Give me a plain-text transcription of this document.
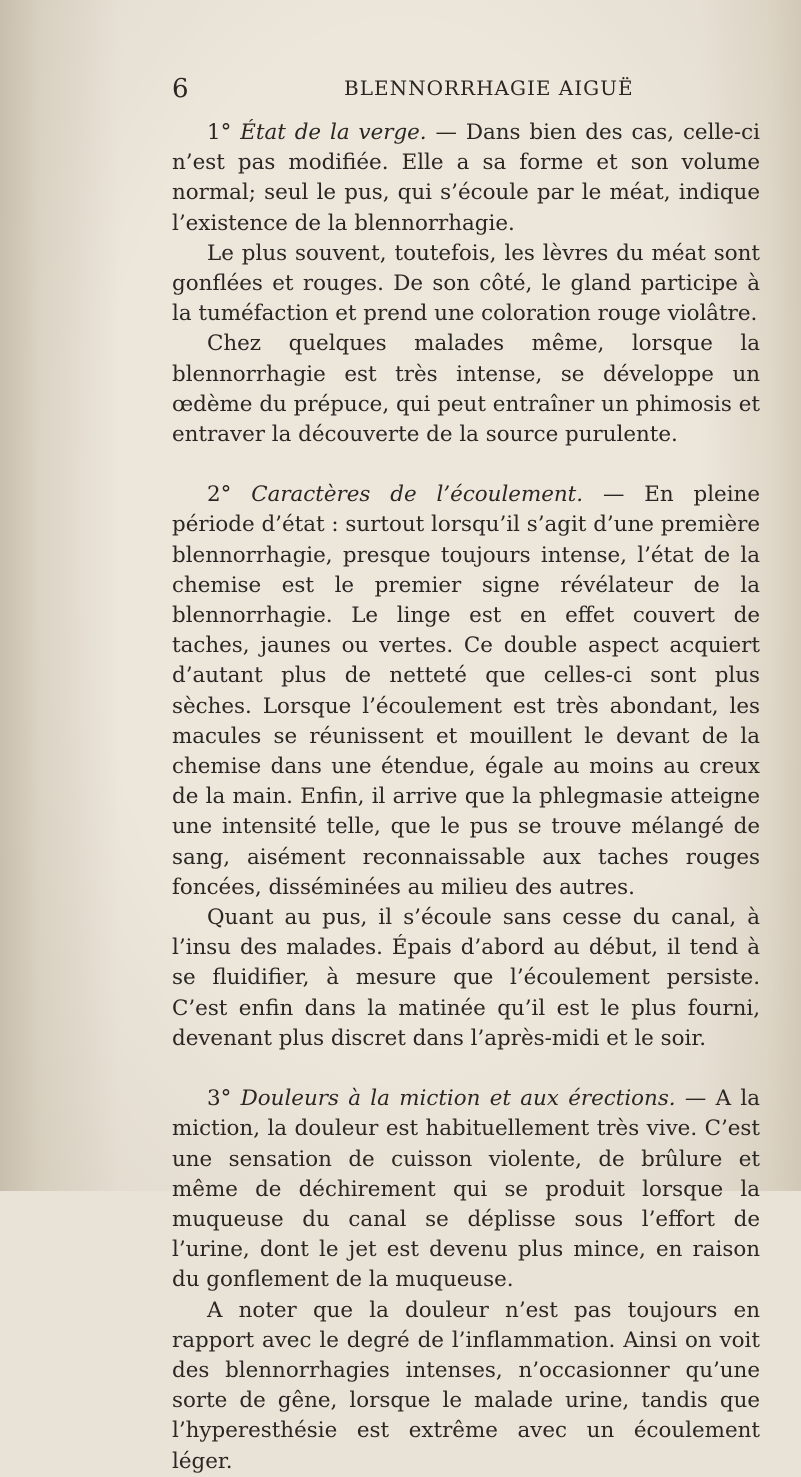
6	BLENNORRHAGIE AIGUË

1° État de la verge. — Dans bien des cas, celle-ci n’est pas modifiée. Elle a sa forme et son volume normal; seul le pus, qui s’écoule par le méat, indique l’existence de la blennorrhagie.

Le plus souvent, toutefois, les lèvres du méat sont gonflées et rouges. De son côté, le gland participe à la tuméfaction et prend une coloration rouge violâtre.

Chez quelques malades même, lorsque la blennorrhagie est très intense, se développe un œdème du prépuce, qui peut entraîner un phimosis et entraver la découverte de la source purulente.

2° Caractères de l’écoulement. — En pleine période d’état : surtout lorsqu’il s’agit d’une première blennorrhagie, presque toujours intense, l’état de la chemise est le premier signe révélateur de la blennorrhagie. Le linge est en effet couvert de taches, jaunes ou vertes. Ce double aspect acquiert d’autant plus de netteté que celles-ci sont plus sèches. Lorsque l’écoulement est très abondant, les macules se réunissent et mouillent le devant de la chemise dans une étendue, égale au moins au creux de la main. Enfin, il arrive que la phlegmasie atteigne une intensité telle, que le pus se trouve mélangé de sang, aisément reconnaissable aux taches rouges foncées, disséminées au milieu des autres.

Quant au pus, il s’écoule sans cesse du canal, à l’insu des malades. Épais d’abord au début, il tend à se fluidifier, à mesure que l’écoulement persiste. C’est enfin dans la matinée qu’il est le plus fourni, devenant plus discret dans l’après-midi et le soir.

3° Douleurs à la miction et aux érections. — A la miction, la douleur est habituellement très vive. C’est une sensation de cuisson violente, de brûlure et même de déchirement qui se produit lorsque la muqueuse du canal se déplisse sous l’effort de l’urine, dont le jet est devenu plus mince, en raison du gonflement de la muqueuse.

A noter que la douleur n’est pas toujours en rapport avec le degré de l’inflammation. Ainsi on voit des blennorrhagies intenses, n’occasionner qu’une sorte de gêne, lorsque le malade urine, tandis que l’hyperesthésie est extrême avec un écoulement léger.
